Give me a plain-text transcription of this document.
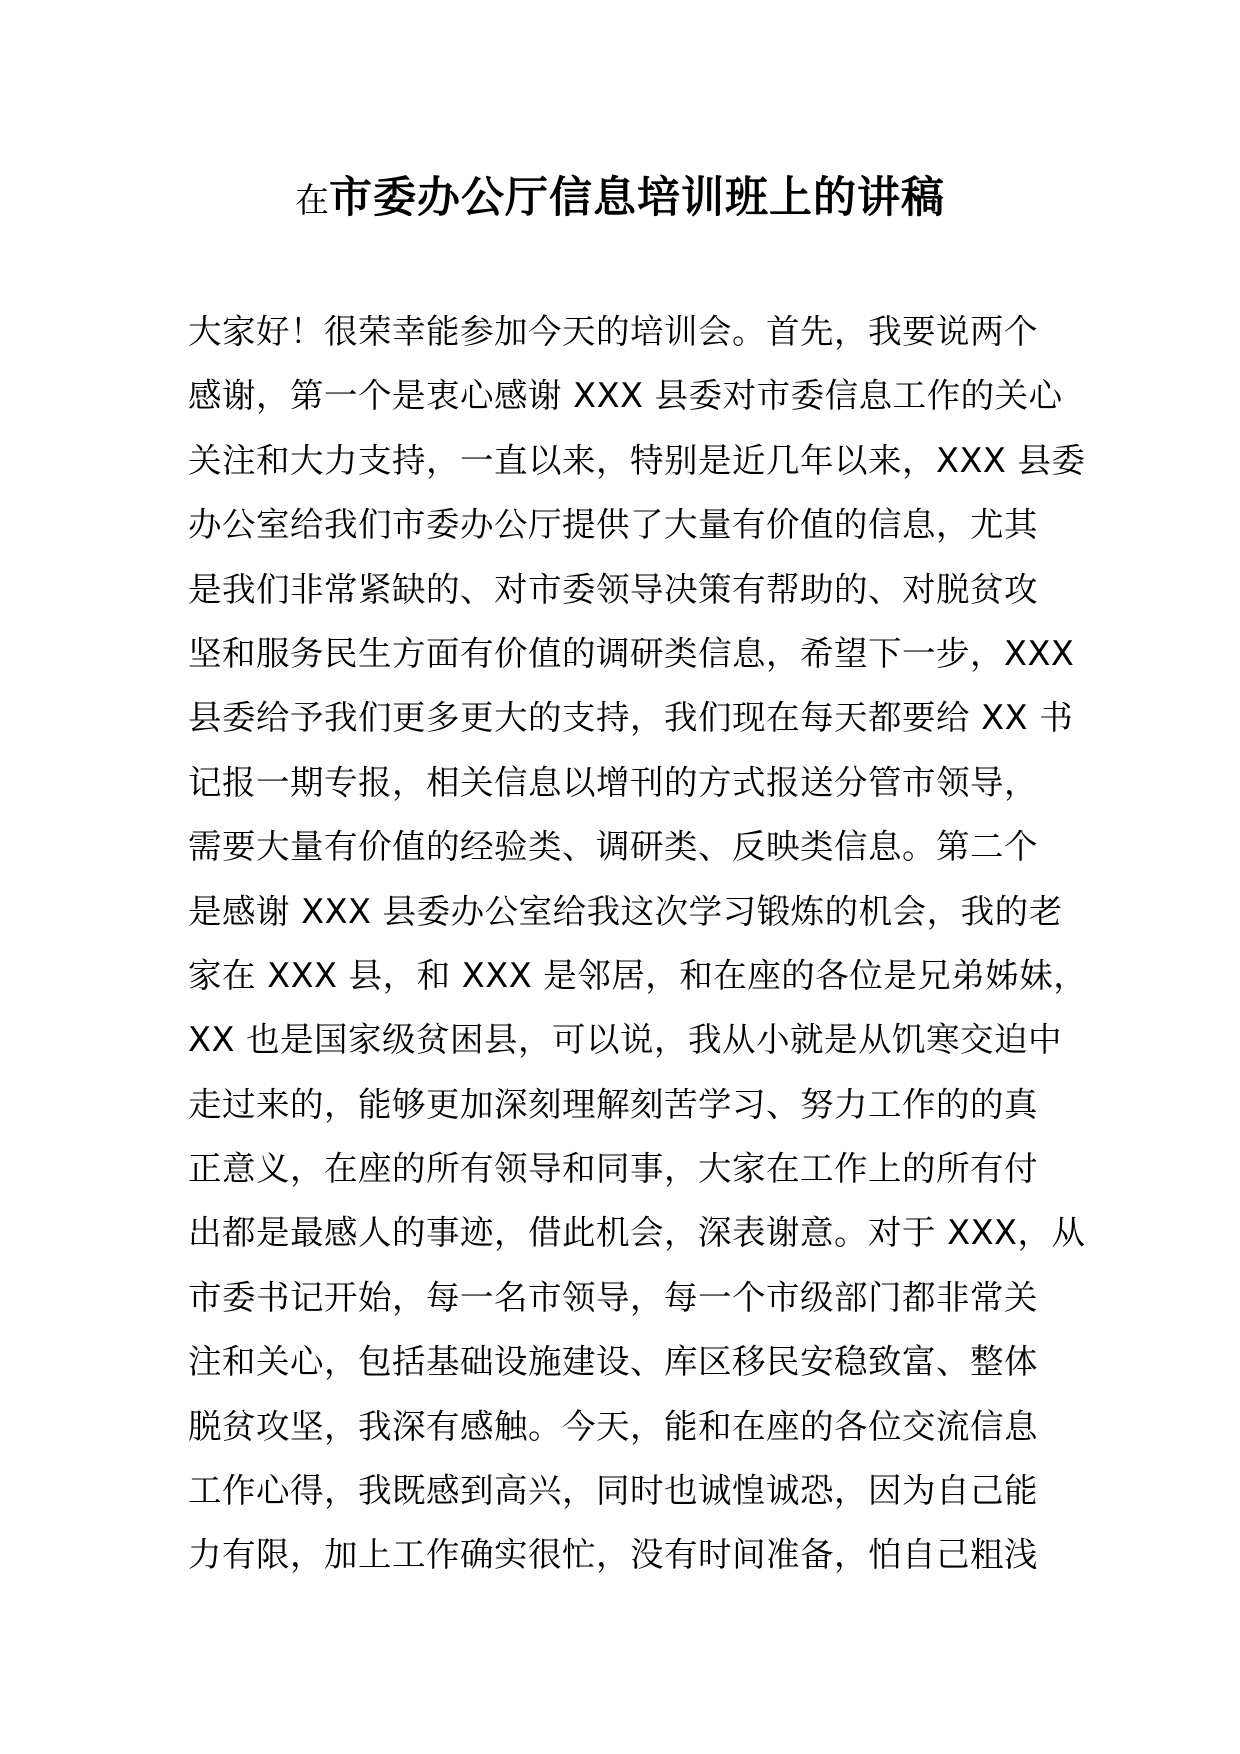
在市委办公厅信息培训班上的讲稿
大家好！很荣幸能参加今天的培训会。首先，我要说两个
感谢，第一个是衷心感谢 XXX 县委对市委信息工作的关心
关注和大力支持，一直以来，特别是近几年以来，XXX 县委
办公室给我们市委办公厅提供了大量有价值的信息，尤其
是我们非常紧缺的、对市委领导决策有帮助的、对脱贫攻
坚和服务民生方面有价值的调研类信息，希望下一步，XXX
县委给予我们更多更大的支持，我们现在每天都要给 XX 书
记报一期专报，相关信息以增刊的方式报送分管市领导，
需要大量有价值的经验类、调研类、反映类信息。第二个
是感谢 XXX 县委办公室给我这次学习锻炼的机会，我的老
家在 XXX 县，和 XXX 是邻居，和在座的各位是兄弟姊妹，
XX 也是国家级贫困县，可以说，我从小就是从饥寒交迫中
走过来的，能够更加深刻理解刻苦学习、努力工作的的真
正意义，在座的所有领导和同事，大家在工作上的所有付
出都是最感人的事迹，借此机会，深表谢意。对于 XXX，从
市委书记开始，每一名市领导，每一个市级部门都非常关
注和关心，包括基础设施建设、库区移民安稳致富、整体
脱贫攻坚，我深有感触。今天，能和在座的各位交流信息
工作心得，我既感到高兴，同时也诚惶诚恐，因为自己能
力有限，加上工作确实很忙，没有时间准备，怕自己粗浅
